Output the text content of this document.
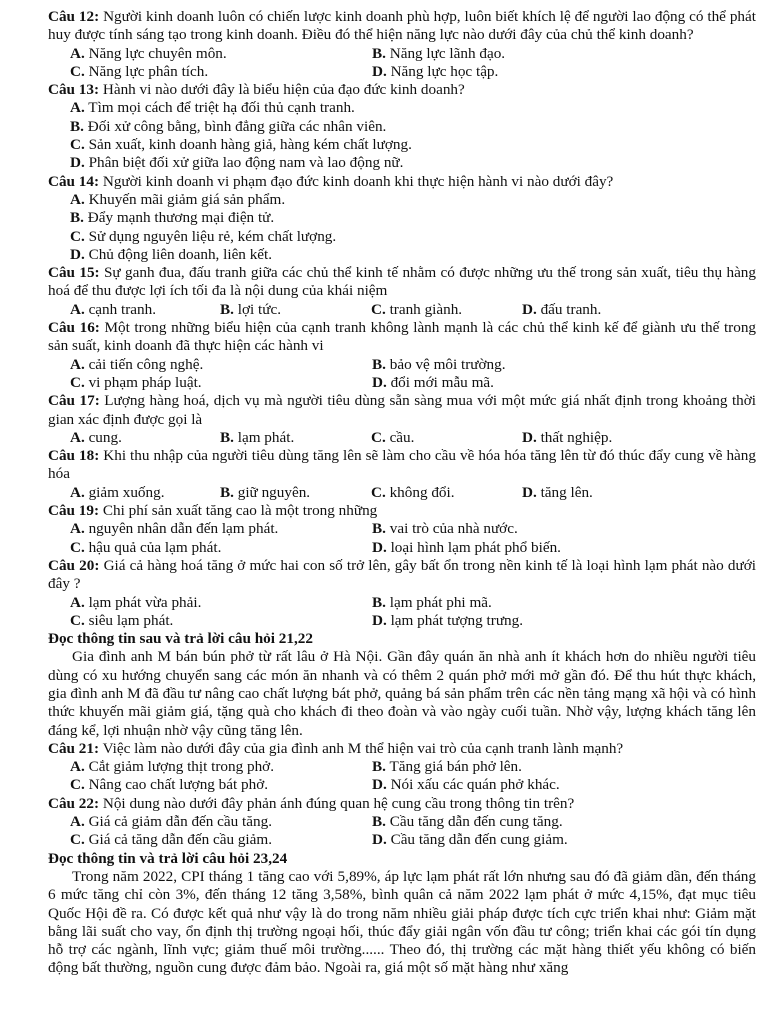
Câu 12: Người kinh doanh luôn có chiến lược kinh doanh phù hợp, luôn biết khích lệ để người lao động có thể phát huy được tính sáng tạo trong kinh doanh. Điều đó thể hiện năng lực nào dưới đây của chủ thể kinh doanh?
A. Năng lực chuyên môn.	B. Năng lực lãnh đạo.
C. Năng lực phân tích.	D. Năng lực học tập.
Câu 13: Hành vi nào dưới đây là biểu hiện của đạo đức kinh doanh?
A. Tìm mọi cách để triệt hạ đối thủ cạnh tranh.
B. Đối xử công bằng, bình đẳng giữa các nhân viên.
C. Sản xuất, kinh doanh hàng giả, hàng kém chất lượng.
D. Phân biệt đối xử giữa lao động nam và lao động nữ.
Câu 14: Người kinh doanh vi phạm đạo đức kinh doanh khi thực hiện hành vi nào dưới đây?
A. Khuyến mãi giảm giá sản phẩm.
B. Đẩy mạnh thương mại điện tử.
C. Sử dụng nguyên liệu rẻ, kém chất lượng.
D. Chủ động liên doanh, liên kết.
Câu 15: Sự ganh đua, đấu tranh giữa các chủ thể kinh tế nhằm có được những ưu thế trong sản xuất, tiêu thụ hàng hoá để thu được lợi ích tối đa là nội dung của khái niệm
A. cạnh tranh.	B. lợi tức.	C. tranh giành.	D. đấu tranh.
Câu 16: Một trong những biểu hiện của cạnh tranh không lành mạnh là các chủ thể kinh kế để giành ưu thế trong sản suất, kinh doanh đã thực hiện các hành vi
A. cải tiến công nghệ.	B. bảo vệ môi trường.
C. vi phạm pháp luật.	D. đổi mới mẫu mã.
Câu 17: Lượng hàng hoá, dịch vụ mà người tiêu dùng sẵn sàng mua với một mức giá nhất định trong khoảng thời gian xác định được gọi là
A. cung.	B. lạm phát.	C. cầu.	D. thất nghiệp.
Câu 18: Khi thu nhập của người tiêu dùng tăng lên sẽ làm cho cầu về hóa hóa tăng lên từ đó thúc đẩy cung về hàng hóa
A. giảm xuống.	B. giữ nguyên.	C. không đổi.	D. tăng lên.
Câu 19: Chi phí sản xuất tăng cao là một trong những
A. nguyên nhân dẫn đến lạm phát.	B. vai trò của nhà nước.
C. hậu quả của lạm phát.	D. loại hình lạm phát phổ biến.
Câu 20: Giá cả hàng hoá tăng ở mức hai con số trở lên, gây bất ổn trong nền kinh tế là loại hình lạm phát nào dưới đây ?
A. lạm phát vừa phải.	B. lạm phát phi mã.
C. siêu lạm phát.	D. lạm phát tượng trưng.

Đọc thông tin sau và trả lời câu hỏi 21,22

Gia đình anh M bán bún phở từ rất lâu ở Hà Nội. Gần đây quán ăn nhà anh ít khách hơn do nhiều người tiêu dùng có xu hướng chuyển sang các món ăn nhanh và có thêm 2 quán phở mới mở gần đó. Để thu hút thực khách, gia đình anh M đã đầu tư nâng cao chất lượng bát phở, quảng bá sản phẩm trên các nền tảng mạng xã hội và có hình thức khuyến mãi giảm giá, tặng quà cho khách đi theo đoàn và vào ngày cuối tuần. Nhờ vậy, lượng khách tăng lên đáng kể, lợi nhuận nhờ vậy cũng tăng lên.

Câu 21: Việc làm nào dưới đây của gia đình anh M thể hiện vai trò của cạnh tranh lành mạnh?
A. Cắt giảm lượng thịt trong phở.	B. Tăng giá bán phở lên.
C. Nâng cao chất lượng bát phở.	D. Nói xấu các quán phở khác.
Câu 22: Nội dung nào dưới đây phản ánh đúng quan hệ cung cầu trong thông tin trên?
A. Giá cả giảm dẫn đến cầu tăng.	B. Cầu tăng dẫn đến cung tăng.
C. Giá cả tăng dẫn đến cầu giảm.	D. Cầu tăng dẫn đến cung giảm.

Đọc thông tin và trả lời câu hỏi 23,24

Trong năm 2022, CPI tháng 1 tăng cao với 5,89%, áp lực lạm phát rất lớn nhưng sau đó đã giảm dần, đến tháng 6 mức tăng chỉ còn 3%, đến tháng 12 tăng 3,58%, bình quân cả năm 2022 lạm phát ở mức 4,15%, đạt mục tiêu Quốc Hội đề ra. Có được kết quả như vậy là do trong năm nhiều giải pháp được tích cực triển khai như: Giảm mặt bằng lãi suất cho vay, ổn định thị trường ngoại hối, thúc đẩy giải ngân vốn đầu tư công; triển khai các gói tín dụng hỗ trợ các ngành, lĩnh vực; giảm thuế môi trường...... Theo đó, thị trường các mặt hàng thiết yếu không có biến động bất thường, nguồn cung được đảm bảo. Ngoài ra, giá một số mặt hàng như xăng
